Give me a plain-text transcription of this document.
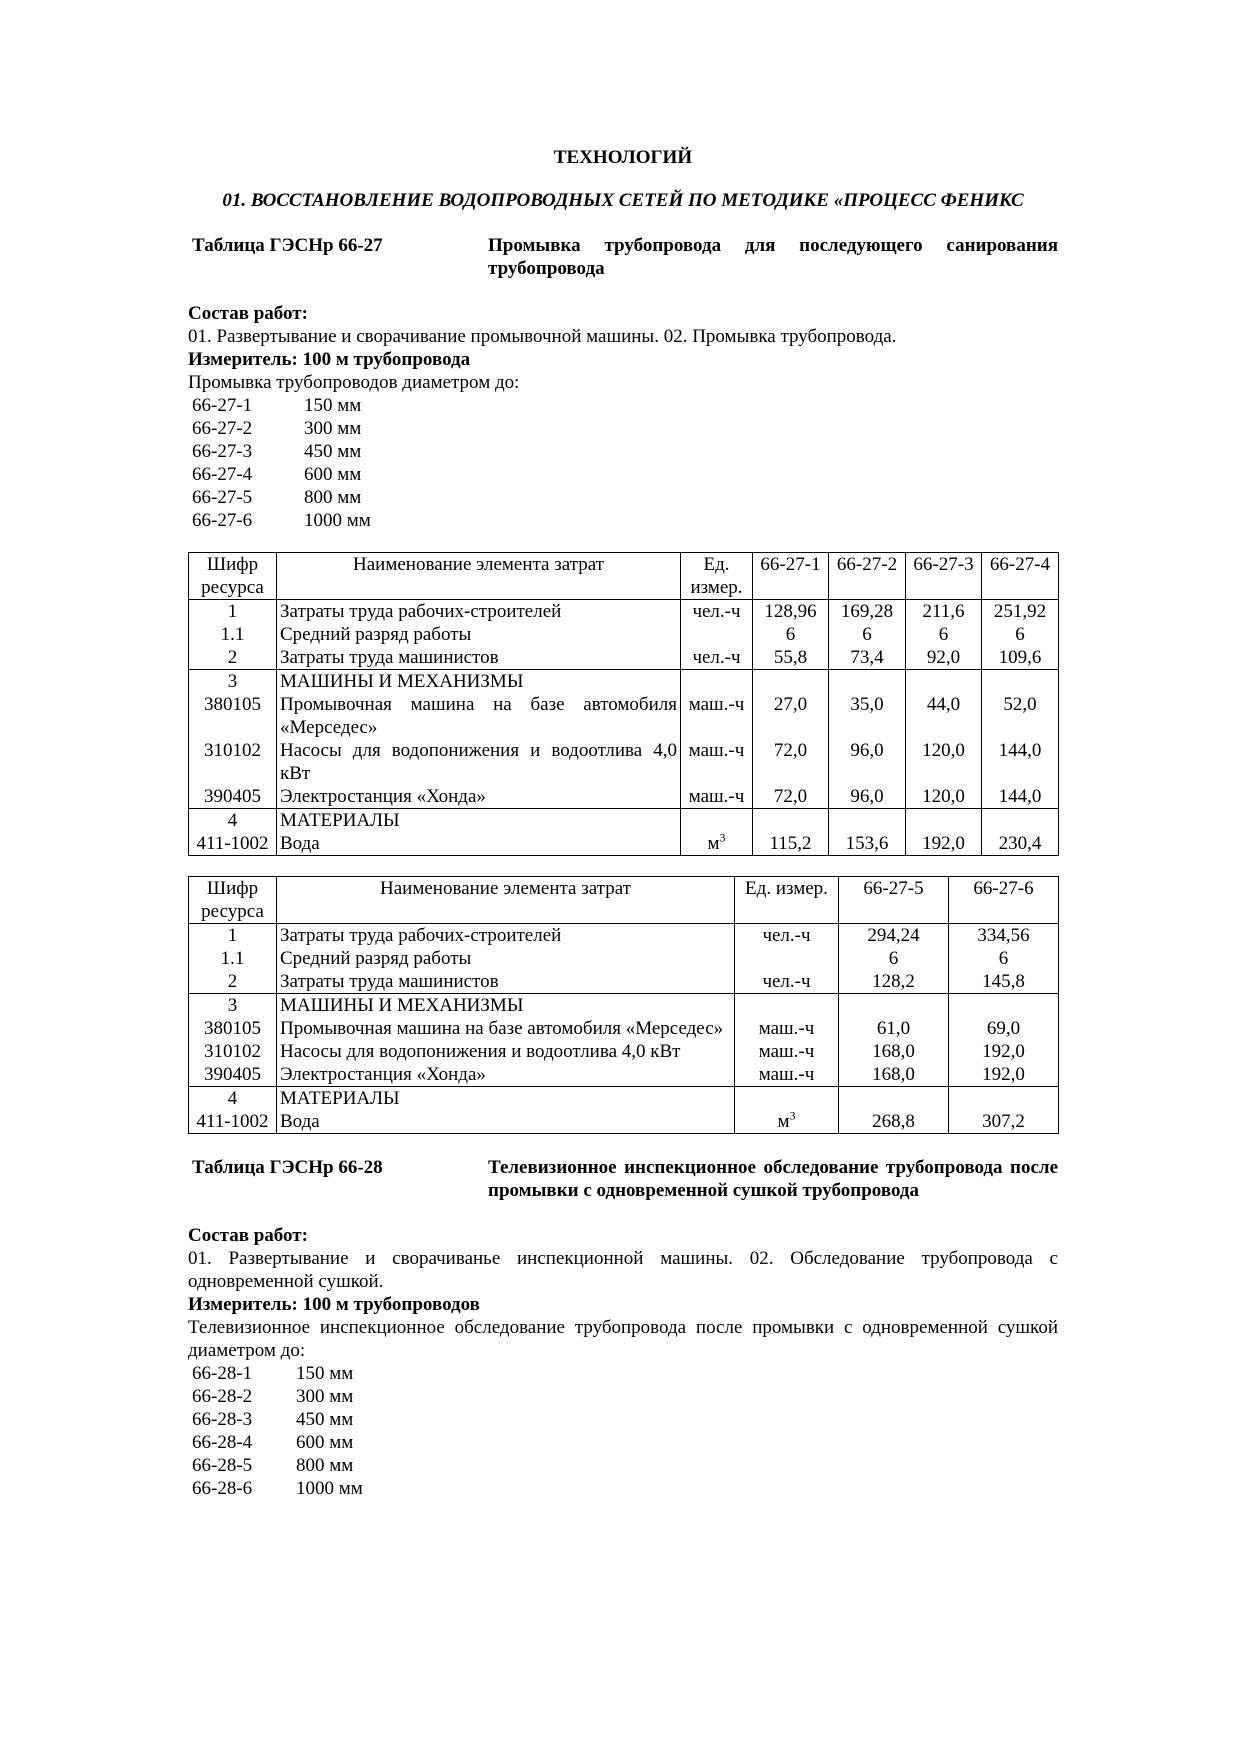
ТЕХНОЛОГИЙ
01. ВОССТАНОВЛЕНИЕ ВОДОПРОВОДНЫХ СЕТЕЙ ПО МЕТОДИКЕ «ПРОЦЕСС ФЕНИКС
Таблица ГЭСНр 66-27	Промывка трубопровода для последующего санирования трубопровода
Состав работ:
01. Развертывание и сворачивание промывочной машины. 02. Промывка трубопровода.
Измеритель: 100 м трубопровода
Промывка трубопроводов диаметром до:
66-27-1	150 мм
66-27-2	300 мм
66-27-3	450 мм
66-27-4	600 мм
66-27-5	800 мм
66-27-6	1000 мм
Шифр ресурса	Наименование элемента затрат	Ед. измер.	66-27-1	66-27-2	66-27-3	66-27-4
1	Затраты труда рабочих-строителей	чел.-ч	128,96	169,28	211,6	251,92
1.1	Средний разряд работы		6	6	6	6
2	Затраты труда машинистов	чел.-ч	55,8	73,4	92,0	109,6
3	МАШИНЫ И МЕХАНИЗМЫ					
380105	Промывочная машина на базе автомобиля «Мерседес»	маш.-ч	27,0	35,0	44,0	52,0
310102	Насосы для водопонижения и водоотлива 4,0 кВт	маш.-ч	72,0	96,0	120,0	144,0
390405	Электростанция «Хонда»	маш.-ч	72,0	96,0	120,0	144,0
4	МАТЕРИАЛЫ					
411-1002	Вода	$м^3$	115,2	153,6	192,0	230,4
Шифр ресурса	Наименование элемента затрат	Ед. измер.	66-27-5	66-27-6
1	Затраты труда рабочих-строителей	чел.-ч	294,24	334,56
1.1	Средний разряд работы		6	6
2	Затраты труда машинистов	чел.-ч	128,2	145,8
3	МАШИНЫ И МЕХАНИЗМЫ			
380105	Промывочная машина на базе автомобиля «Мерседес»	маш.-ч	61,0	69,0
310102	Насосы для водопонижения и водоотлива 4,0 кВт	маш.-ч	168,0	192,0
390405	Электростанция «Хонда»	маш.-ч	168,0	192,0
4	МАТЕРИАЛЫ			
411-1002	Вода	$м^3$	268,8	307,2
Таблица ГЭСНр 66-28	Телевизионное инспекционное обследование трубопровода после промывки с одновременной сушкой трубопровода
Состав работ:
01. Развертывание и сворачиванье инспекционной машины. 02. Обследование трубопровода с одновременной сушкой.
Измеритель: 100 м трубопроводов
Телевизионное инспекционное обследование трубопровода после промывки с одновременной сушкой диаметром до:
66-28-1	150 мм
66-28-2	300 мм
66-28-3	450 мм
66-28-4	600 мм
66-28-5	800 мм
66-28-6	1000 мм
